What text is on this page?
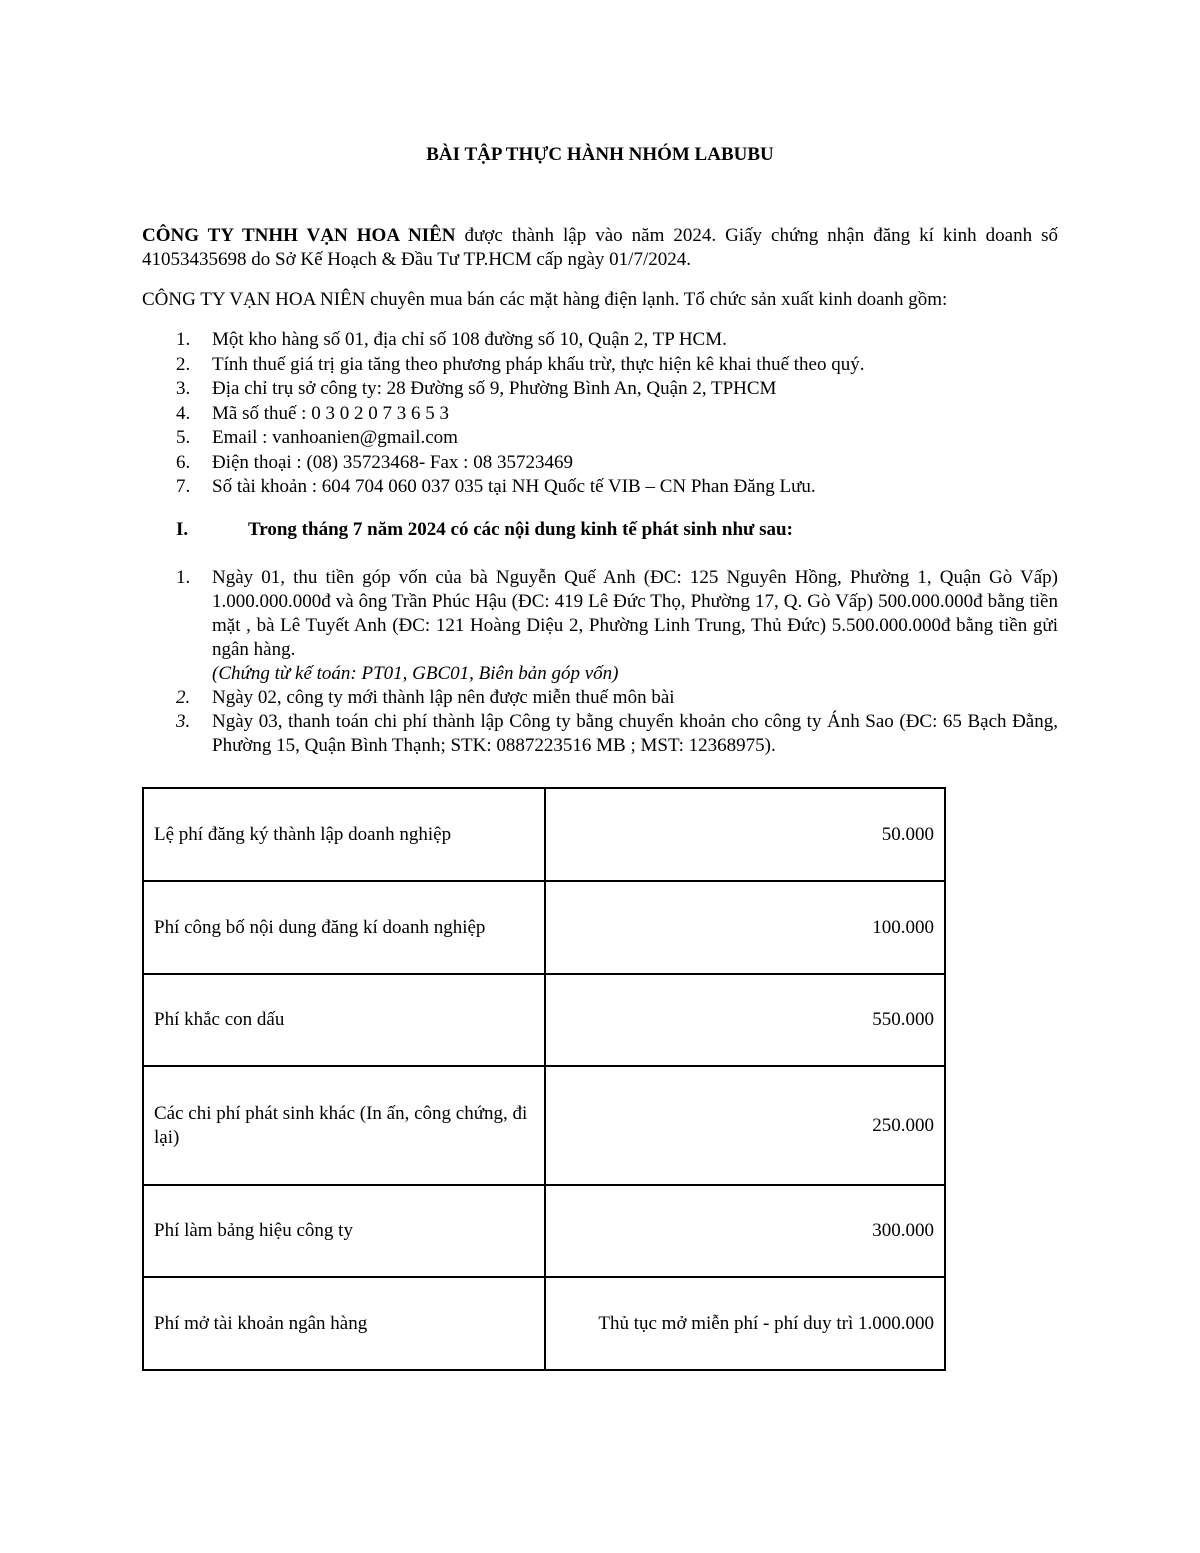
BÀI TẬP THỰC HÀNH NHÓM LABUBU

CÔNG TY TNHH VẠN HOA NIÊN được thành lập vào năm 2024. Giấy chứng nhận đăng kí kinh doanh số 41053435698 do Sở Kế Hoạch & Đầu Tư TP.HCM cấp ngày 01/7/2024.

CÔNG TY VẠN HOA NIÊN chuyên mua bán các mặt hàng điện lạnh. Tổ chức sản xuất kinh doanh gồm:

1. Một kho hàng số 01, địa chỉ số 108 đường số 10, Quận 2, TP HCM.
2. Tính thuế giá trị gia tăng theo phương pháp khấu trừ, thực hiện kê khai thuế theo quý.
3. Địa chỉ trụ sở công ty: 28 Đường số 9, Phường Bình An, Quận 2, TPHCM
4. Mã số thuế : 0 3 0 2 0 7 3 6 5 3
5. Email : vanhoanien@gmail.com
6. Điện thoại : (08) 35723468- Fax : 08 35723469
7. Số tài khoản : 604 704 060 037 035 tại NH Quốc tế VIB – CN Phan Đăng Lưu.
I.	Trong tháng 7 năm 2024 có các nội dung kinh tế phát sinh như sau:
1. Ngày 01, thu tiền góp vốn của bà Nguyễn Quế Anh (ĐC: 125 Nguyên Hồng, Phường 1, Quận Gò Vấp) 1.000.000.000đ và ông Trần Phúc Hậu (ĐC: 419 Lê Đức Thọ, Phường 17, Q. Gò Vấp) 500.000.000đ bằng tiền mặt , bà Lê Tuyết Anh (ĐC: 121 Hoàng Diệu 2, Phường Linh Trung, Thủ Đức) 5.500.000.000đ bằng tiền gửi ngân hàng.
(Chứng từ kế toán: PT01, GBC01, Biên bản góp vốn)
2. Ngày 02, công ty mới thành lập nên được miễn thuế môn bài
3. Ngày 03, thanh toán chi phí thành lập Công ty bằng chuyển khoản cho công ty Ánh Sao (ĐC: 65 Bạch Đằng, Phường 15, Quận Bình Thạnh; STK: 0887223516 MB ; MST: 12368975).
Lệ phí đăng ký thành lập doanh nghiệp	50.000
Phí công bố nội dung đăng kí doanh nghiệp	100.000
Phí khắc con dấu	550.000
Các chi phí phát sinh khác (In ấn, công chứng, đi lại)	250.000
Phí làm bảng hiệu công ty	300.000
Phí mở tài khoản ngân hàng	Thủ tục mở miễn phí - phí duy trì 1.000.000
